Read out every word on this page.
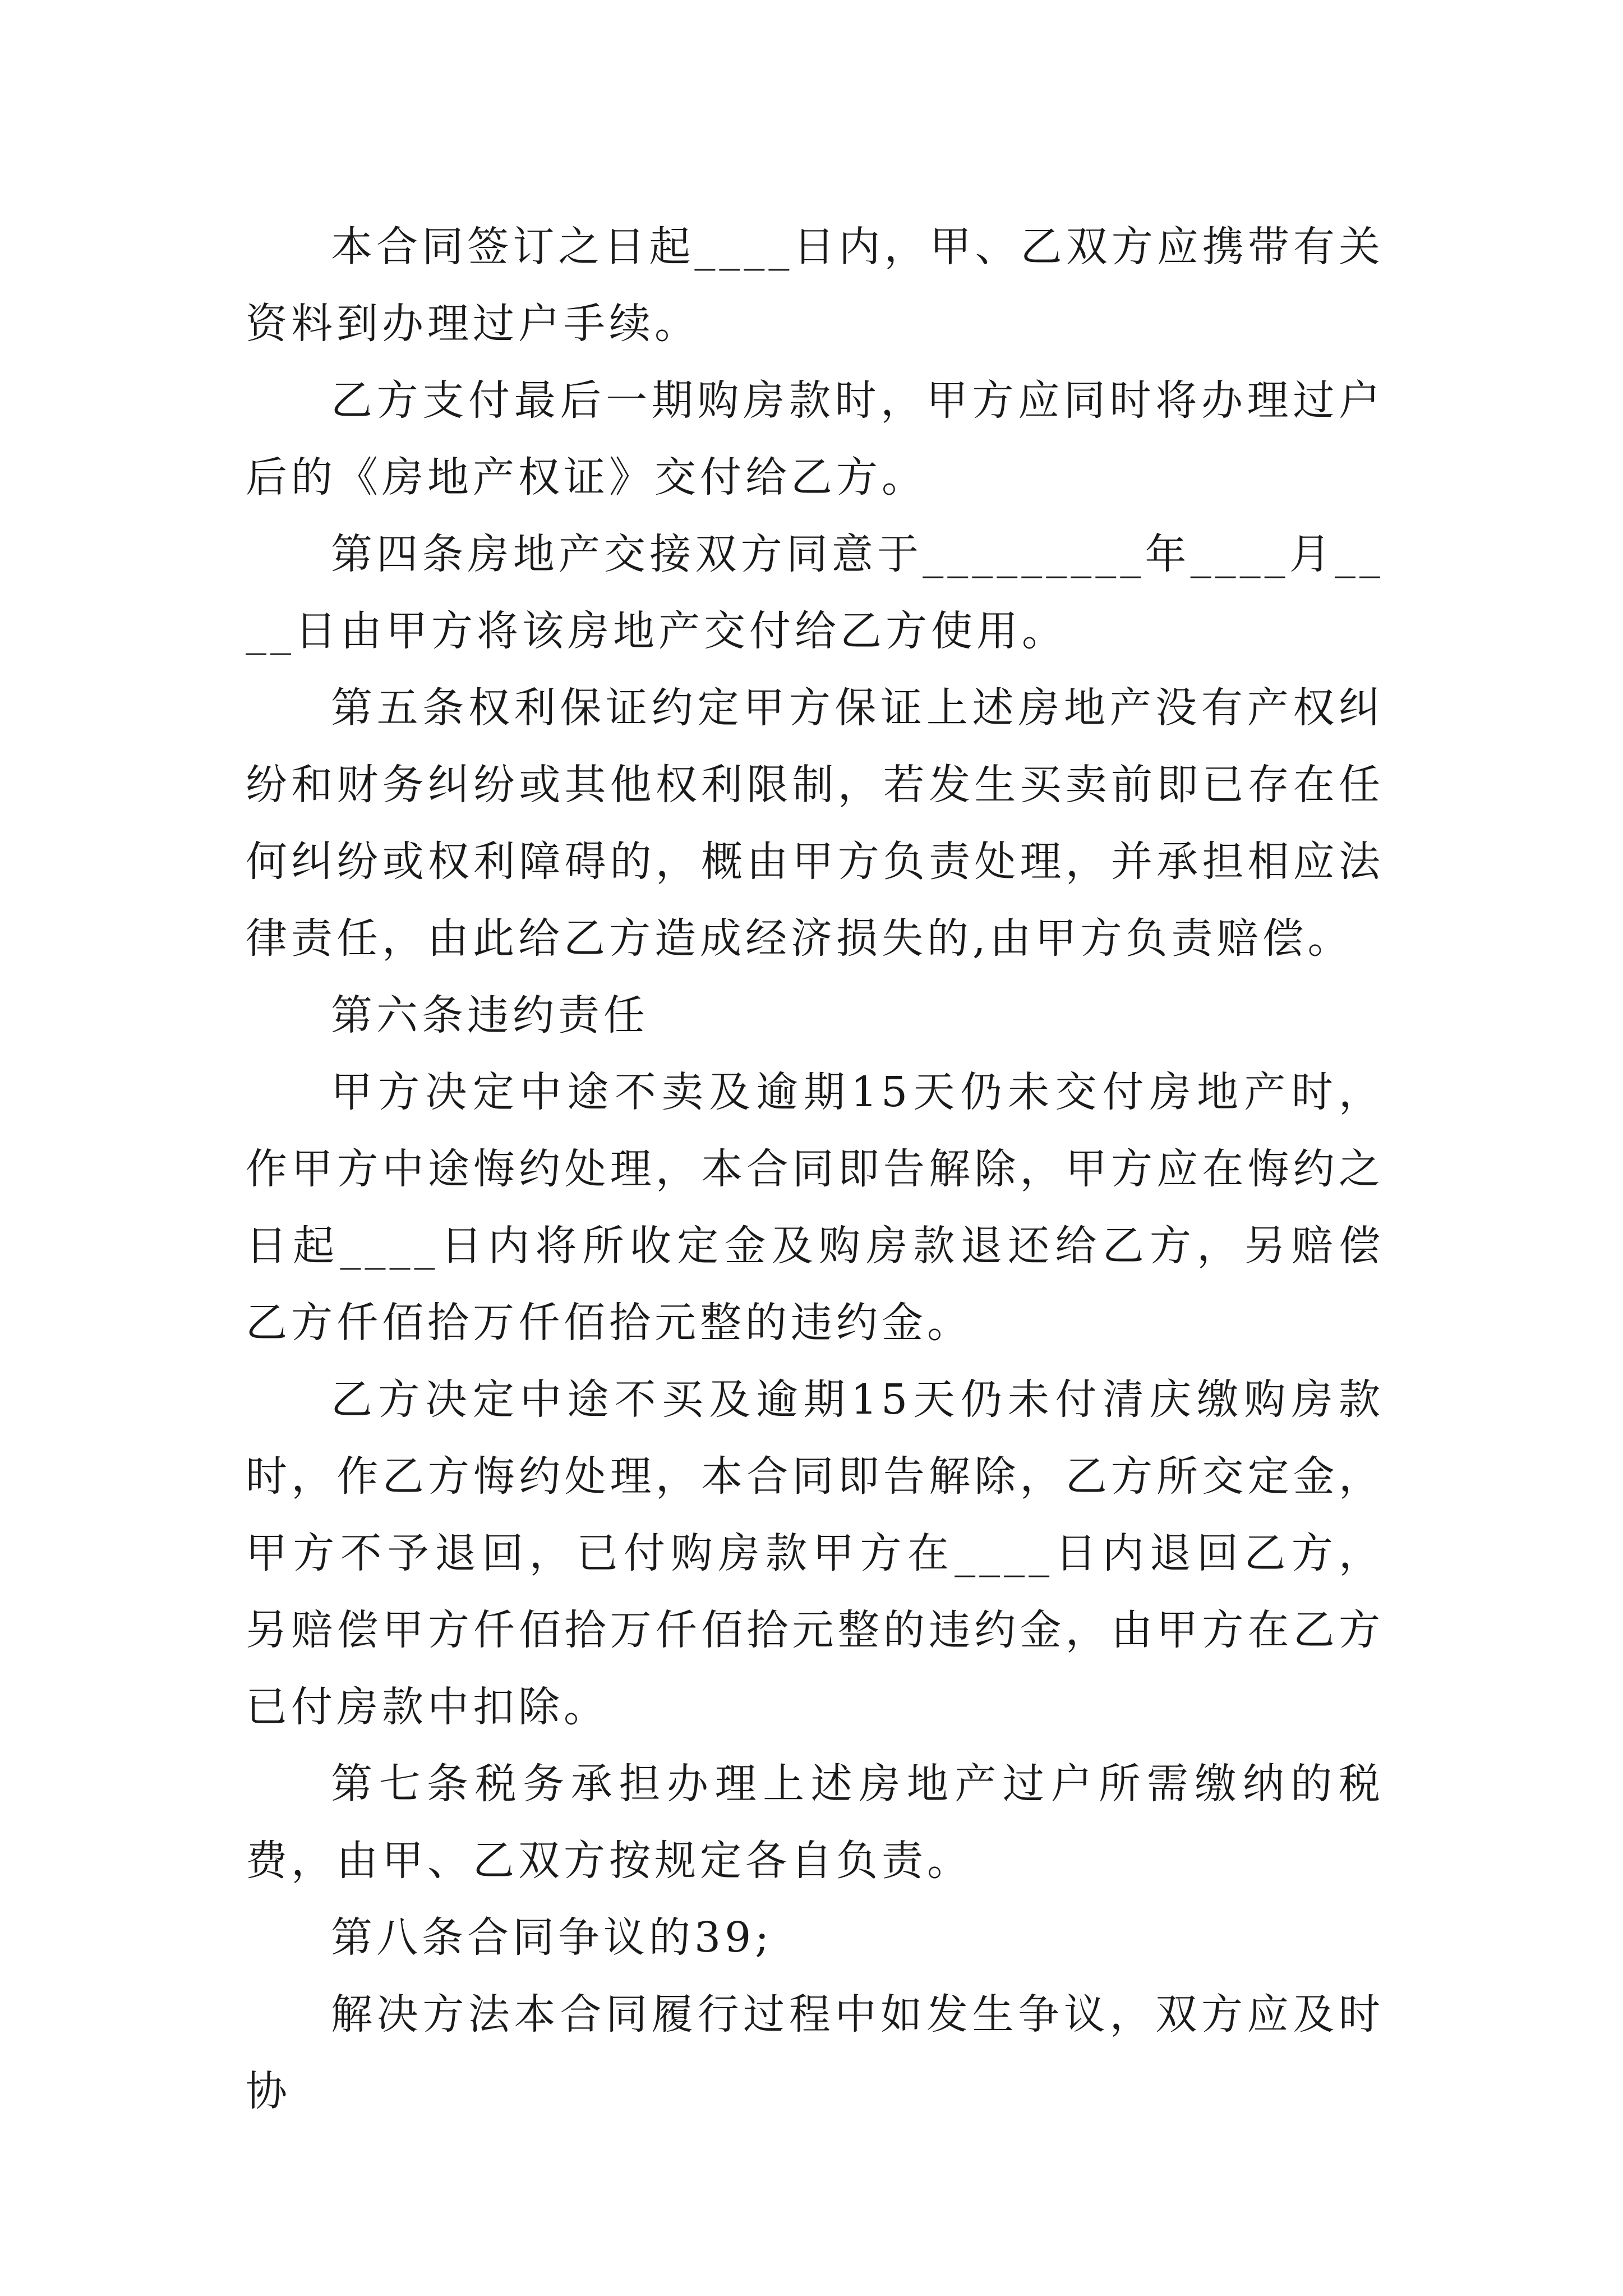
本合同签订之日起____日内，甲、乙双方应携带有关资料到办理过户手续。

乙方支付最后一期购房款时，甲方应同时将办理过户后的《房地产权证》交付给乙方。

第四条房地产交接双方同意于_________年____月____日由甲方将该房地产交付给乙方使用。

第五条权利保证约定甲方保证上述房地产没有产权纠纷和财务纠纷或其他权利限制，若发生买卖前即已存在任何纠纷或权利障碍的，概由甲方负责处理，并承担相应法律责任，由此给乙方造成经济损失的,由甲方负责赔偿。

第六条违约责任

甲方决定中途不卖及逾期15天仍未交付房地产时，作甲方中途悔约处理，本合同即告解除，甲方应在悔约之日起____日内将所收定金及购房款退还给乙方，另赔偿乙方仟佰拾万仟佰拾元整的违约金。

乙方决定中途不买及逾期15天仍未付清庆缴购房款时，作乙方悔约处理，本合同即告解除，乙方所交定金，甲方不予退回，已付购房款甲方在____日内退回乙方，另赔偿甲方仟佰拾万仟佰拾元整的违约金，由甲方在乙方已付房款中扣除。

第七条税务承担办理上述房地产过户所需缴纳的税费，由甲、乙双方按规定各自负责。

第八条合同争议的39;

解决方法本合同履行过程中如发生争议，双方应及时协
